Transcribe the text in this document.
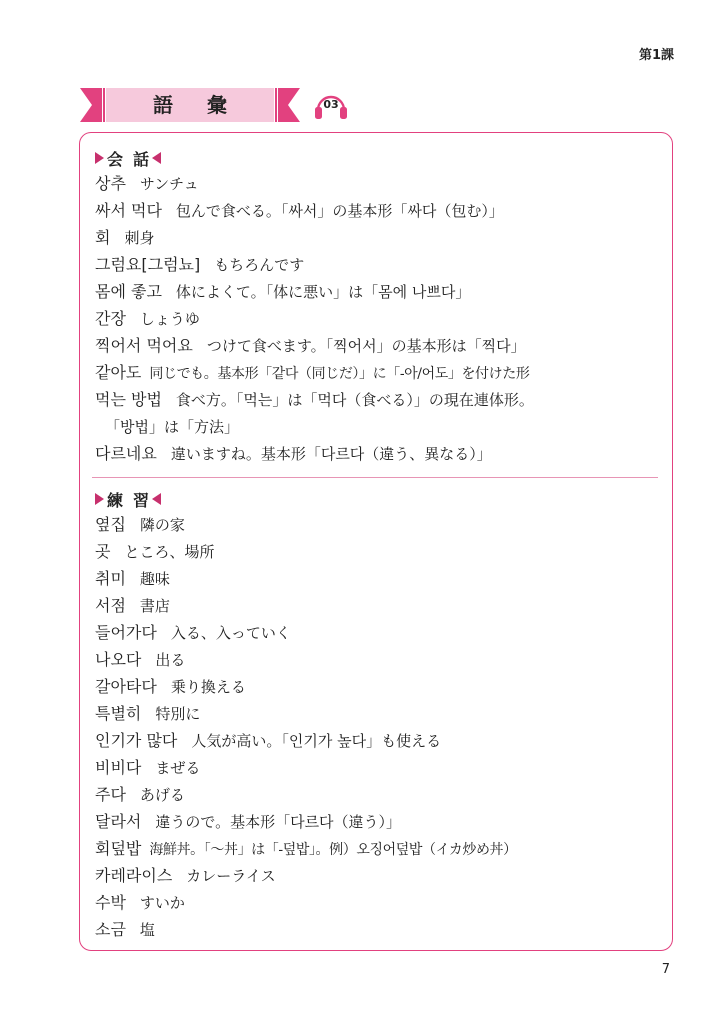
第1課
語彙	03
会話
상추 サンチュ
싸서 먹다 包んで食べる。「싸서」の基本形「싸다（包む）」
회 刺身
그럼요[그럼뇨] もちろんです
몸에 좋고 体によくて。「体に悪い」は「몸에 나쁘다」
간장 しょうゆ
찍어서 먹어요 つけて食べます。「찍어서」の基本形は「찍다」
같아도 同じでも。基本形「같다（同じだ）」に「-아/어도」を付けた形
먹는 방법 食べ方。「먹는」は「먹다（食べる）」の現在連体形。
「방법」は「方法」
다르네요 違いますね。基本形「다르다（違う、異なる）」
練習
옆집 隣の家
곳 ところ、場所
취미 趣味
서점 書店
들어가다 入る、入っていく
나오다 出る
갈아타다 乗り換える
특별히 特別に
인기가 많다 人気が高い。「인기가 높다」も使える
비비다 まぜる
주다 あげる
달라서 違うので。基本形「다르다（違う）」
회덮밥 海鮮丼。「～丼」は「-덮밥」。例）오징어덮밥（イカ炒め丼）
카레라이스 カレーライス
수박 すいか
소금 塩
7
